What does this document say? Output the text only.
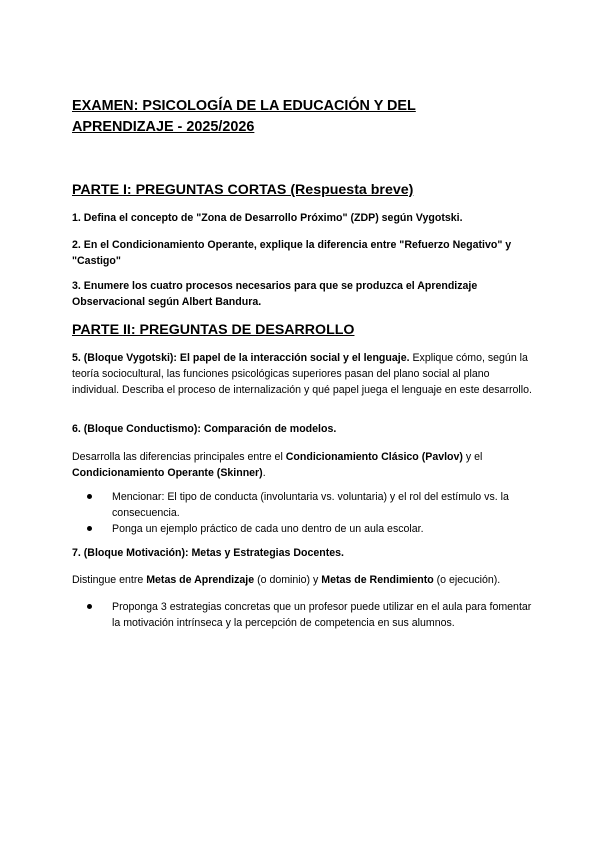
EXAMEN: PSICOLOGÍA DE LA EDUCACIÓN Y DEL
APRENDIZAJE - 2025/2026
PARTE I: PREGUNTAS CORTAS (Respuesta breve)

1. Defina el concepto de "Zona de Desarrollo Próximo" (ZDP) según Vygotski.

2. En el Condicionamiento Operante, explique la diferencia entre "Refuerzo Negativo" y "Castigo"

3. Enumere los cuatro procesos necesarios para que se produzca el Aprendizaje Observacional según Albert Bandura.

PARTE II: PREGUNTAS DE DESARROLLO

5. (Bloque Vygotski): El papel de la interacción social y el lenguaje. Explique cómo, según la teoría sociocultural, las funciones psicológicas superiores pasan del plano social al plano individual. Describa el proceso de internalización y qué papel juega el lenguaje en este desarrollo.

6. (Bloque Conductismo): Comparación de modelos.

Desarrolla las diferencias principales entre el Condicionamiento Clásico (Pavlov) y el Condicionamiento Operante (Skinner).

Mencionar: El tipo de conducta (involuntaria vs. voluntaria) y el rol del estímulo vs. la consecuencia.
Ponga un ejemplo práctico de cada uno dentro de un aula escolar.

7. (Bloque Motivación): Metas y Estrategias Docentes.

Distingue entre Metas de Aprendizaje (o dominio) y Metas de Rendimiento (o ejecución).

Proponga 3 estrategias concretas que un profesor puede utilizar en el aula para fomentar la motivación intrínseca y la percepción de competencia en sus alumnos.
